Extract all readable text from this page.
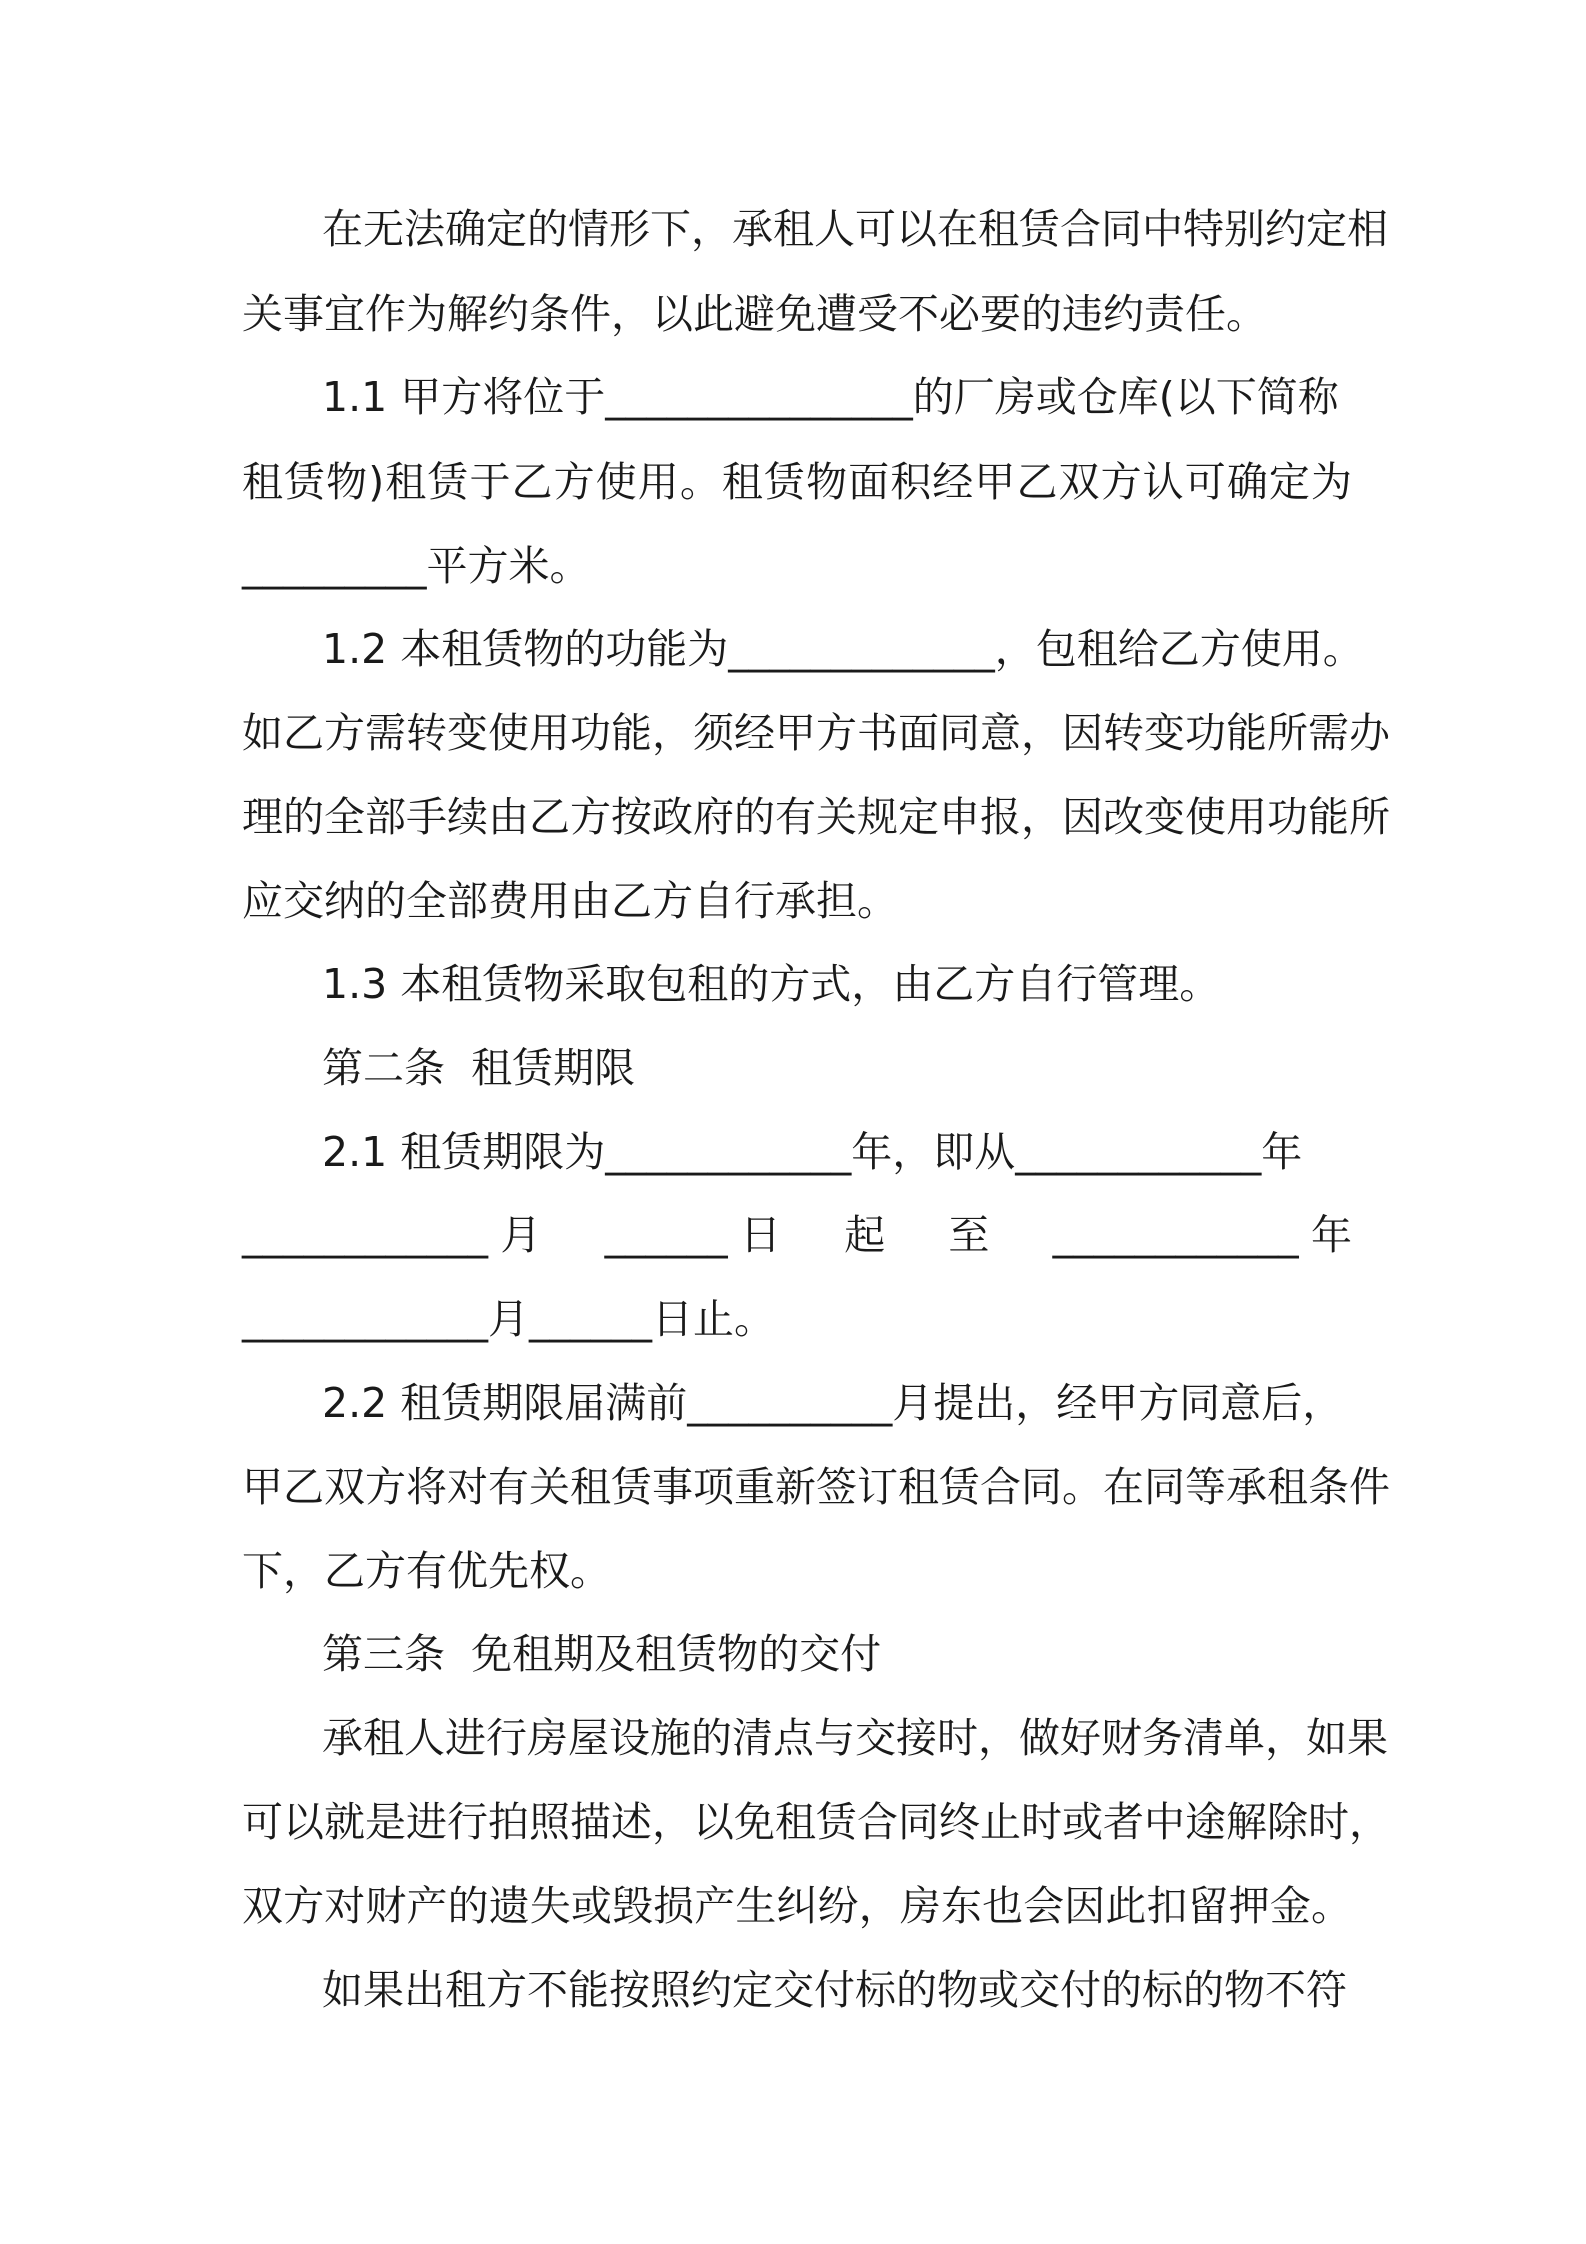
在无法确定的情形下，承租人可以在租赁合同中特别约定相
关事宜作为解约条件，以此避免遭受不必要的违约责任。
1.1 甲方将位于_______________的厂房或仓库(以下简称
租赁物)租赁于乙方使用。租赁物面积经甲乙双方认可确定为
_________平方米。
1.2 本租赁物的功能为_____________，包租给乙方使用。
如乙方需转变使用功能，须经甲方书面同意，因转变功能所需办
理的全部手续由乙方按政府的有关规定申报，因改变使用功能所
应交纳的全部费用由乙方自行承担。
1.3 本租赁物采取包租的方式，由乙方自行管理。
第二条  租赁期限
2.1 租赁期限为____________年，即从____________年
____________月  ______日  起  至  ____________年
____________月______日止。
2.2 租赁期限届满前__________月提出，经甲方同意后，
甲乙双方将对有关租赁事项重新签订租赁合同。在同等承租条件
下，乙方有优先权。
第三条  免租期及租赁物的交付
承租人进行房屋设施的清点与交接时，做好财务清单，如果
可以就是进行拍照描述，以免租赁合同终止时或者中途解除时，
双方对财产的遗失或毁损产生纠纷，房东也会因此扣留押金。
如果出租方不能按照约定交付标的物或交付的标的物不符
